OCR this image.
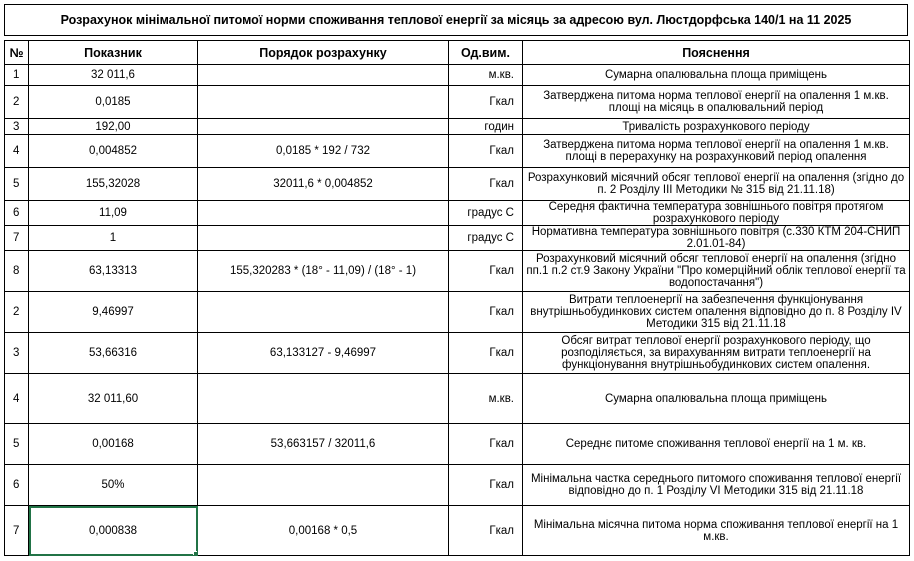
Розрахунок мінімальної питомої норми споживання теплової енергії за місяць за адресою вул. Люстдорфська 140/1 на 11 2025
№	Показник	Порядок розрахунку	Од.вим.	Пояснення
1	32 011,6		м.кв.	Сумарна опалювальна площа приміщень
2	0,0185		Гкал	Затверджена питома норма теплової енергії на опалення 1 м.кв. площі на місяць в опалювальний період
3	192,00		годин	Тривалість розрахункового періоду
4	0,004852	0,0185 * 192 / 732	Гкал	Затверджена питома норма теплової енергії на опалення 1 м.кв. площі в перерахунку на розрахунковий період опалення
5	155,32028	32011,6 * 0,004852	Гкал	Розрахунковий місячний обсяг теплової енергії на опалення (згідно до п. 2 Розділу III Методики № 315 від 21.11.18)
6	11,09		градус С	Середня фактична температура зовнішнього повітря протягом розрахункового періоду
7	1		градус С	Нормативна температура зовнішнього повітря (с.330 КТМ 204-СНИП 2.01.01-84)
8	63,13313	155,320283 * (18° - 11,09) / (18° - 1)	Гкал	Розрахунковий місячний обсяг теплової енергії на опалення (згідно пп.1 п.2 ст.9 Закону України "Про комерційний облік теплової енергії та водопостачання")
2	9,46997		Гкал	Витрати теплоенергії на забезпечення функціонування внутрішньобудинкових систем опалення відповідно до п. 8 Розділу IV Методики 315 від 21.11.18
3	53,66316	63,133127 - 9,46997	Гкал	Обсяг витрат теплової енергії розрахункового періоду, що розподіляється, за вирахуванням витрати теплоенергії на функціонування внутрішньобудинкових систем опалення.
4	32 011,60		м.кв.	Сумарна опалювальна площа приміщень
5	0,00168	53,663157 / 32011,6	Гкал	Середнє питоме споживання теплової енергії на 1 м. кв.
6	50%		Гкал	Мінімальна частка середнього питомого споживання теплової енергії відповідно до п. 1 Розділу VI Методики 315 від 21.11.18
7	0,000838	0,00168 * 0,5	Гкал	Мінімальна місячна питома норма споживання теплової енергії на 1 м.кв.
